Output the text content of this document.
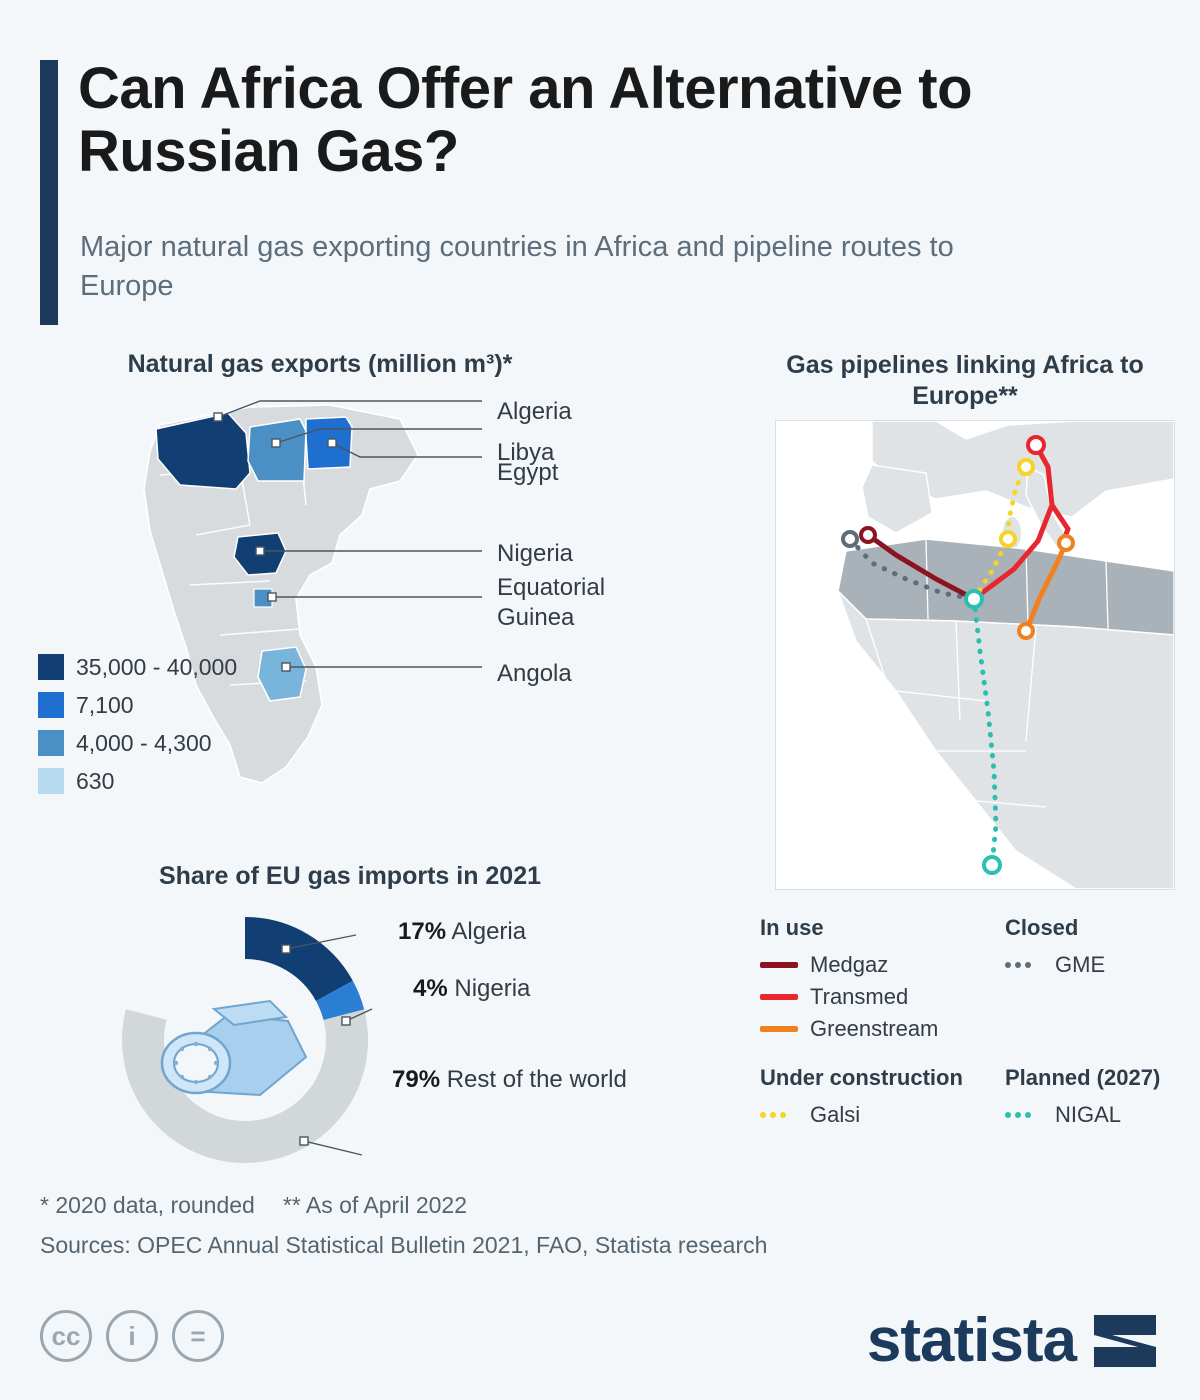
Can Africa Offer an Alternative to Russian Gas?
Major natural gas exporting countries in Africa and pipeline routes to Europe
Natural gas exports (million m³)*
Algeria
Libya
Egypt
Nigeria
Equatorial Guinea
Angola
35,000 - 40,000
7,100
4,000 - 4,300
630
Gas pipelines linking Africa to Europe**
In use
Medgaz
Transmed
Greenstream
Closed
GME
Under construction
Galsi
Planned (2027)
NIGAL
Share of EU gas imports in 2021
17% Algeria
4% Nigeria
79% Rest of the world
* 2020 data, rounded ** As of April 2022
Sources: OPEC Annual Statistical Bulletin 2021, FAO, Statista research
cc	i	=	statista
